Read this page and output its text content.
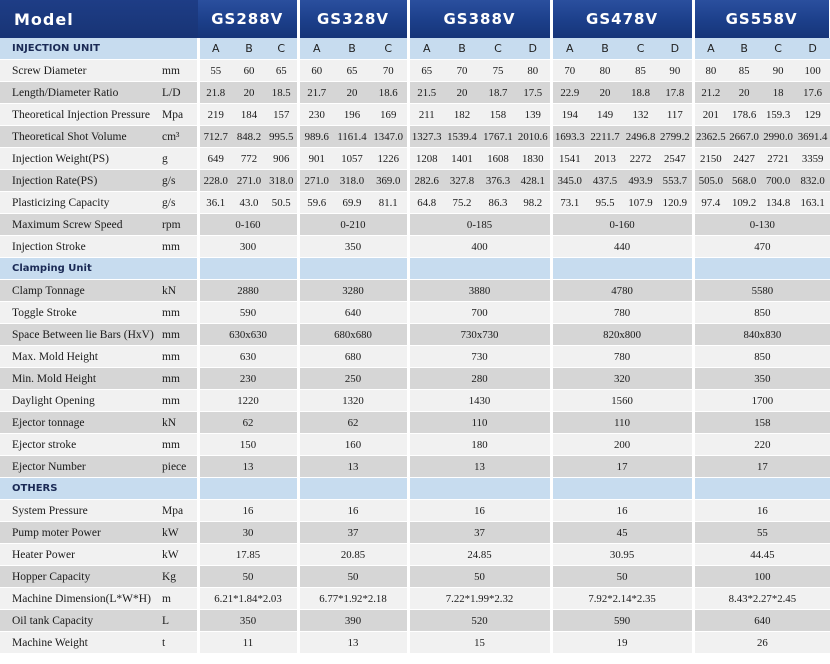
Model		GS288V			GS328V			GS388V				GS478V				GS558V			
INJECTION UNIT		A	B	C	A	B	C	A	B	C	D	A	B	C	D	A	B	C	D
Screw Diameter	mm	55	60	65	60	65	70	65	70	75	80	70	80	85	90	80	85	90	100
Length/Diameter Ratio	L/D	21.8	20	18.5	21.7	20	18.6	21.5	20	18.7	17.5	22.9	20	18.8	17.8	21.2	20	18	17.6
Theoretical Injection Pressure	Mpa	219	184	157	230	196	169	211	182	158	139	194	149	132	117	201	178.6	159.3	129
Theoretical Shot Volume	cm³	712.7	848.2	995.5	989.6	1161.4	1347.0	1327.3	1539.4	1767.1	2010.6	1693.3	2211.7	2496.8	2799.2	2362.5	2667.0	2990.0	3691.4
Injection Weight(PS)	g	649	772	906	901	1057	1226	1208	1401	1608	1830	1541	2013	2272	2547	2150	2427	2721	3359
Injection Rate(PS)	g/s	228.0	271.0	318.0	271.0	318.0	369.0	282.6	327.8	376.3	428.1	345.0	437.5	493.9	553.7	505.0	568.0	700.0	832.0
Plasticizing Capacity	g/s	36.1	43.0	50.5	59.6	69.9	81.1	64.8	75.2	86.3	98.2	73.1	95.5	107.9	120.9	97.4	109.2	134.8	163.1
Maximum Screw Speed	rpm	0-160			0-210			0-185				0-160				0-130			
Injection Stroke	mm	300			350			400				440				470			
Clamping Unit																			
Clamp Tonnage	kN	2880			3280			3880				4780				5580			
Toggle Stroke	mm	590			640			700				780				850			
Space Between lie Bars (HxV)	mm	630x630			680x680			730x730				820x800				840x830			
Max. Mold Height	mm	630			680			730				780				850			
Min. Mold Height	mm	230			250			280				320				350			
Daylight Opening	mm	1220			1320			1430				1560				1700			
Ejector tonnage	kN	62			62			110				110				158			
Ejector stroke	mm	150			160			180				200				220			
Ejector Number	piece	13			13			13				17				17			
OTHERS																			
System Pressure	Mpa	16			16			16				16				16			
Pump moter Power	kW	30			37			37				45				55			
Heater Power	kW	17.85			20.85			24.85				30.95				44.45			
Hopper Capacity	Kg	50			50			50				50				100			
Machine Dimension(L*W*H)	m	6.21*1.84*2.03			6.77*1.92*2.18			7.22*1.99*2.32				7.92*2.14*2.35				8.43*2.27*2.45			
Oil tank Capacity	L	350			390			520				590				640			
Machine Weight	t	11			13			15				19				26			
